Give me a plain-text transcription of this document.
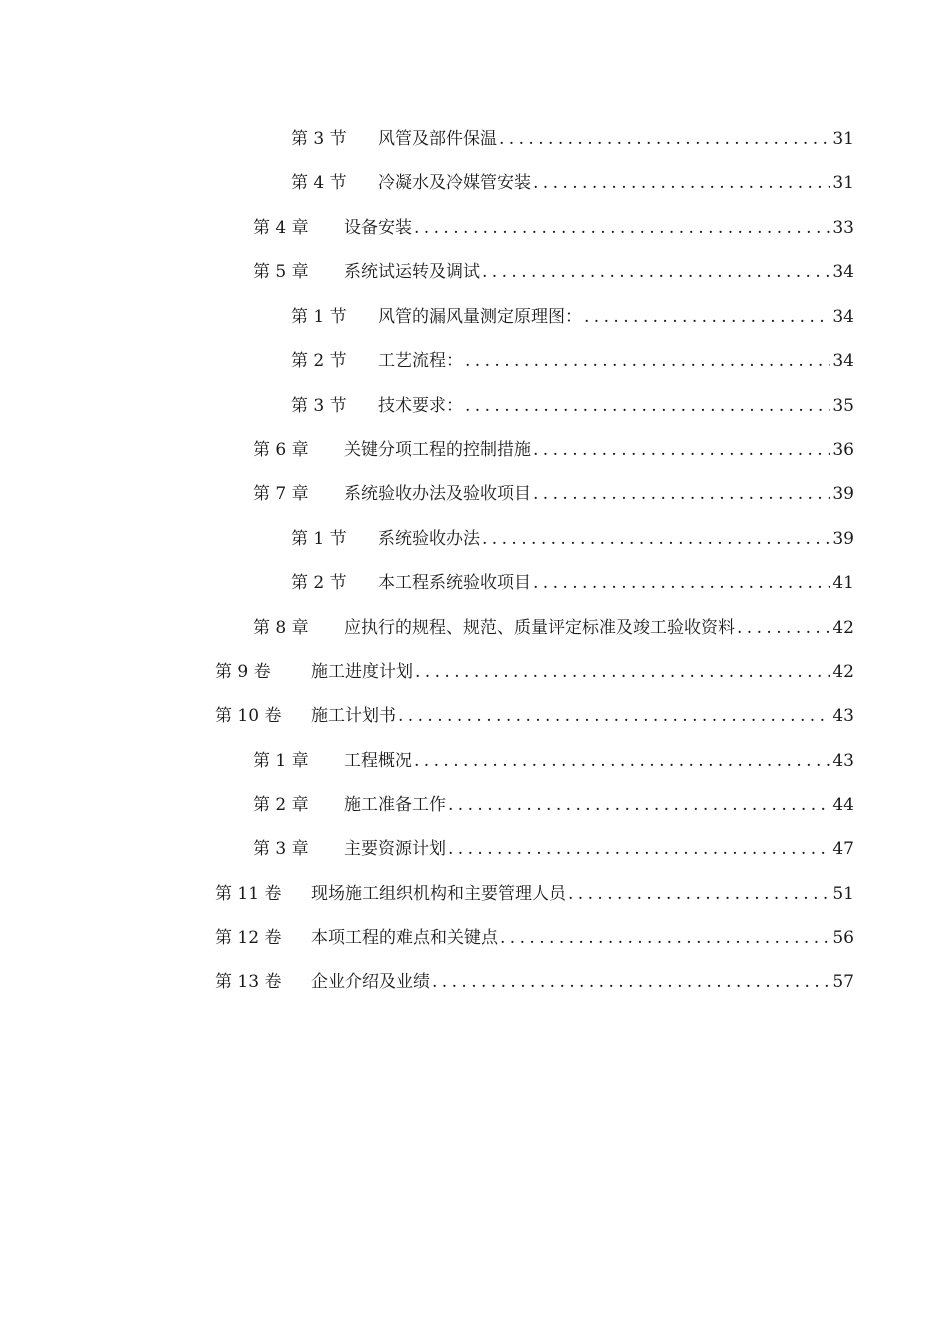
第 3 节	风管及部件保温 .....	31
第 4 节	冷凝水及冷媒管安装 .....	31
第 4 章	设备安装 .....	33
第 5 章	系统试运转及调试 .....	34
第 1 节	风管的漏风量测定原理图： .....	34
第 2 节	工艺流程： .....	34
第 3 节	技术要求： .....	35
第 6 章	关键分项工程的控制措施 .....	36
第 7 章	系统验收办法及验收项目 .....	39
第 1 节	系统验收办法 .....	39
第 2 节	本工程系统验收项目 .....	41
第 8 章	应执行的规程、规范、质量评定标准及竣工验收资料 .....	42
第 9 卷	施工进度计划 .....	42
第 10 卷	施工计划书 .....	43
第 1 章	工程概况 .....	43
第 2 章	施工准备工作 .....	44
第 3 章	主要资源计划 .....	47
第 11 卷	现场施工组织机构和主要管理人员 .....	51
第 12 卷	本项工程的难点和关键点 .....	56
第 13 卷	企业介绍及业绩 .....	57
